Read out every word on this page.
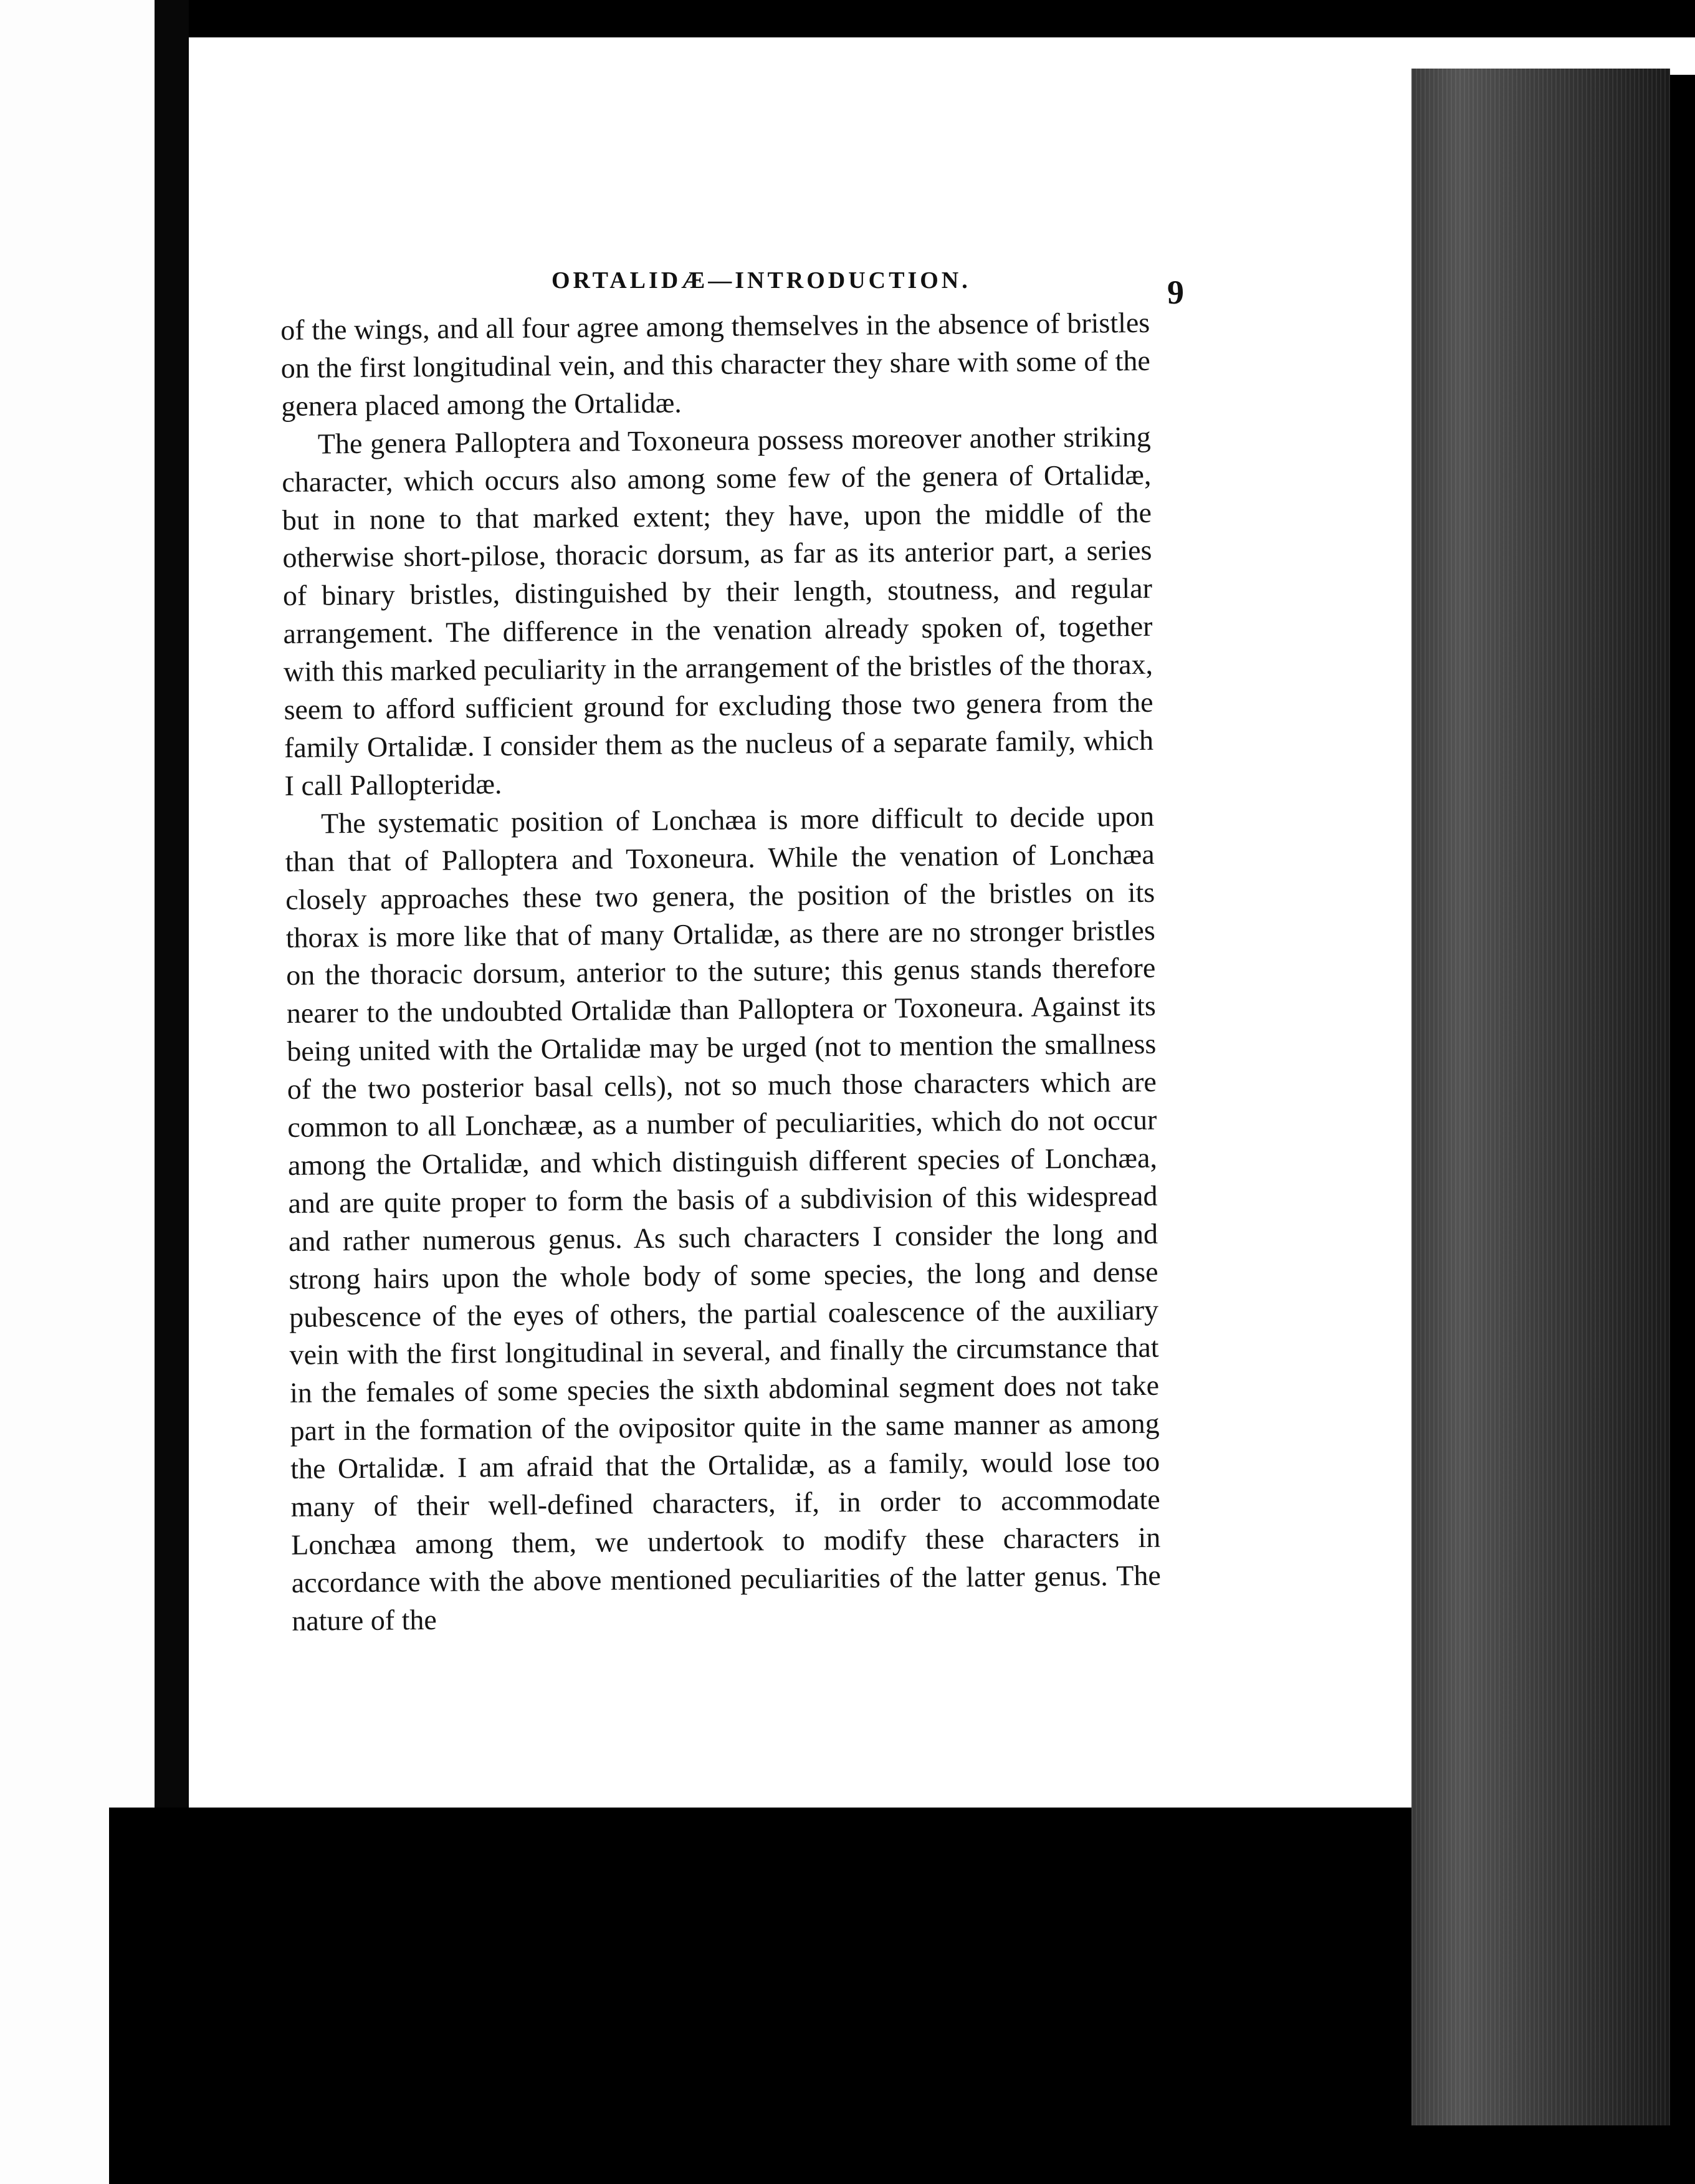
ORTALIDÆ—INTRODUCTION.	9

of the wings, and all four agree among themselves in the absence of bristles on the first longitudinal vein, and this character they share with some of the genera placed among the Ortalidæ.

The genera Palloptera and Toxoneura possess moreover another striking character, which occurs also among some few of the genera of Ortalidæ, but in none to that marked extent; they have, upon the middle of the otherwise short-pilose, thoracic dorsum, as far as its anterior part, a series of binary bristles, distinguished by their length, stoutness, and regular arrangement. The difference in the venation already spoken of, together with this marked peculiarity in the arrangement of the bristles of the thorax, seem to afford sufficient ground for excluding those two genera from the family Ortalidæ. I consider them as the nucleus of a separate family, which I call Pallopteridæ.

The systematic position of Lonchæa is more difficult to decide upon than that of Palloptera and Toxoneura. While the venation of Lonchæa closely approaches these two genera, the position of the bristles on its thorax is more like that of many Ortalidæ, as there are no stronger bristles on the thoracic dorsum, anterior to the suture; this genus stands therefore nearer to the undoubted Ortalidæ than Palloptera or Toxoneura. Against its being united with the Ortalidæ may be urged (not to mention the smallness of the two posterior basal cells), not so much those characters which are common to all Lonchææ, as a number of peculiarities, which do not occur among the Ortalidæ, and which distinguish different species of Lonchæa, and are quite proper to form the basis of a subdivision of this widespread and rather numerous genus. As such characters I consider the long and strong hairs upon the whole body of some species, the long and dense pubescence of the eyes of others, the partial coalescence of the auxiliary vein with the first longitudinal in several, and finally the circumstance that in the females of some species the sixth abdominal segment does not take part in the formation of the ovipositor quite in the same manner as among the Ortalidæ. I am afraid that the Ortalidæ, as a family, would lose too many of their well-defined characters, if, in order to accommodate Lonchæa among them, we undertook to modify these characters in accordance with the above mentioned peculiarities of the latter genus. The nature of the
